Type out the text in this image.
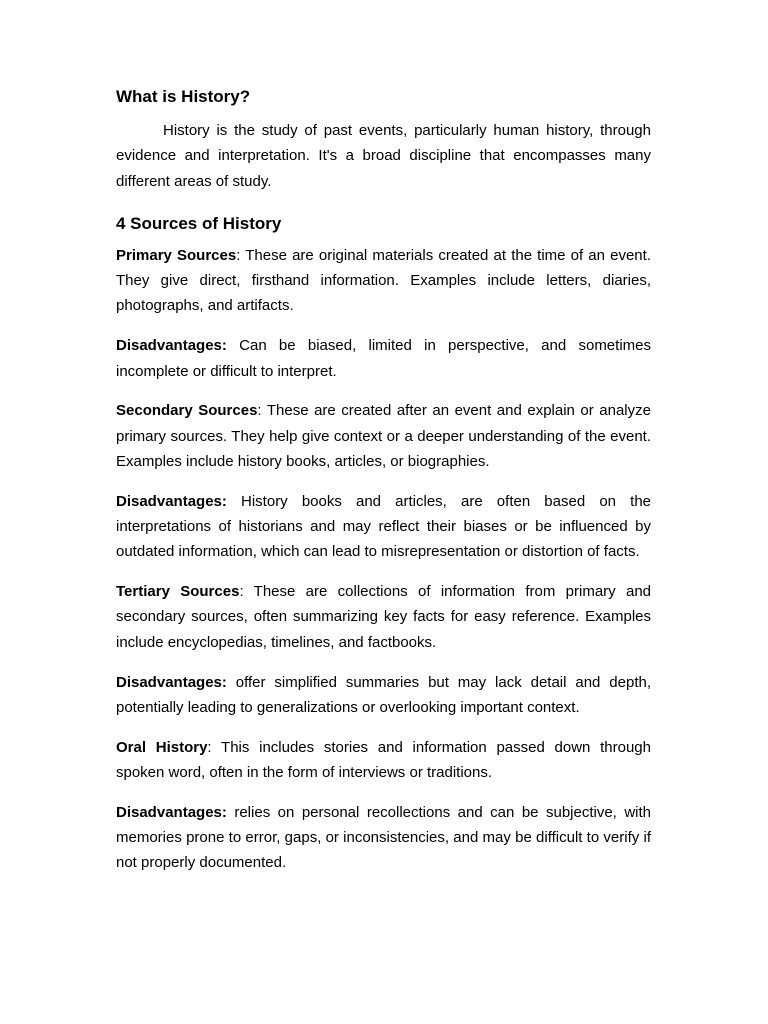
What is History?

History is the study of past events, particularly human history, through evidence and interpretation. It's a broad discipline that encompasses many different areas of study.

4 Sources of History

Primary Sources: These are original materials created at the time of an event. They give direct, firsthand information. Examples include letters, diaries, photographs, and artifacts.

Disadvantages: Can be biased, limited in perspective, and sometimes incomplete or difficult to interpret.

Secondary Sources: These are created after an event and explain or analyze primary sources. They help give context or a deeper understanding of the event. Examples include history books, articles, or biographies.

Disadvantages: History books and articles, are often based on the interpretations of historians and may reflect their biases or be influenced by outdated information, which can lead to misrepresentation or distortion of facts.

Tertiary Sources: These are collections of information from primary and secondary sources, often summarizing key facts for easy reference. Examples include encyclopedias, timelines, and factbooks.

Disadvantages: offer simplified summaries but may lack detail and depth, potentially leading to generalizations or overlooking important context.

Oral History: This includes stories and information passed down through spoken word, often in the form of interviews or traditions.

Disadvantages: relies on personal recollections and can be subjective, with memories prone to error, gaps, or inconsistencies, and may be difficult to verify if not properly documented.
